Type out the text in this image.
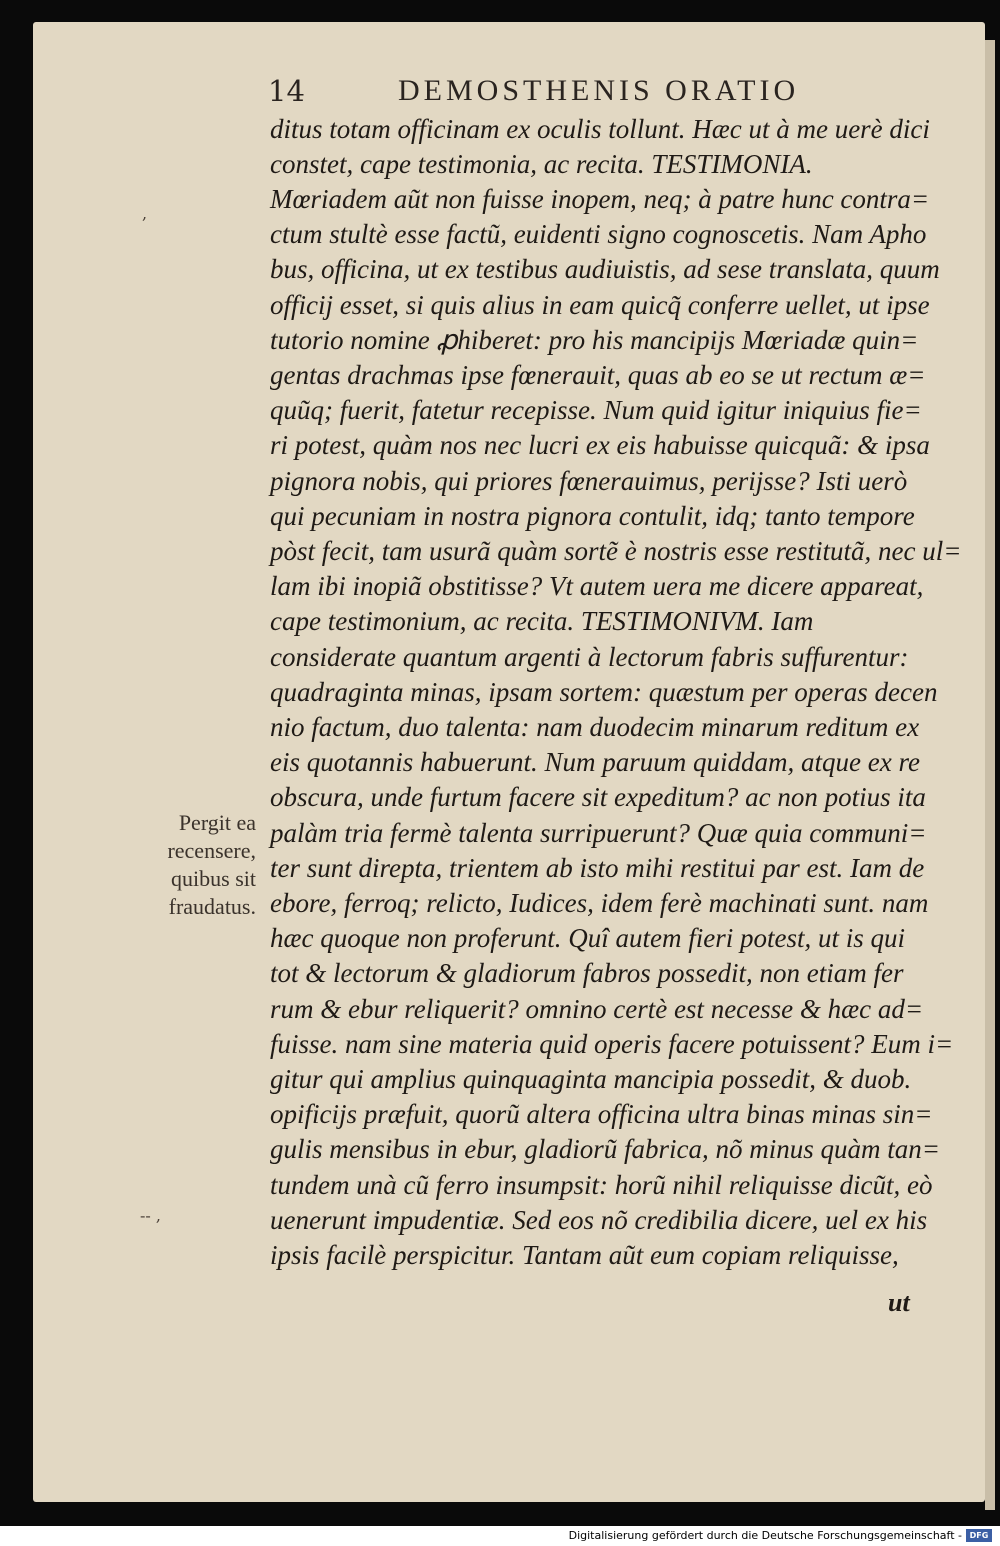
14	DEMOSTHENIS ORATIO
ditus totam officinam ex oculis tollunt. Hæc ut à me uerè dici
constet, cape testimonia, ac recita. TESTIMONIA.
Mœriadem aũt non fuisse inopem, neq; à patre hunc contra=
ctum stultè esse factũ, euidenti signo cognoscetis. Nam Apho
bus, officina, ut ex testibus audiuistis, ad sese translata, quum
officij esset, si quis alius in eam quicq̃ conferre uellet, ut ipse
tutorio nomine ꝓhiberet: pro his mancipijs Mœriadæ quin=
gentas drachmas ipse fœnerauit, quas ab eo se ut rectum æ=
quũq; fuerit, fatetur recepisse. Num quid igitur iniquius fie=
ri potest, quàm nos nec lucri ex eis habuisse quicquã: & ipsa
pignora nobis, qui priores fœnerauimus, perijsse? Isti uerò
qui pecuniam in nostra pignora contulit, idq; tanto tempore
pòst fecit, tam usurã quàm sortẽ è nostris esse restitutã, nec ul=
lam ibi inopiã obstitisse? Vt autem uera me dicere appareat,
cape testimonium, ac recita. TESTIMONIVM. Iam
considerate quantum argenti à lectorum fabris suffurentur:
quadraginta minas, ipsam sortem: quæstum per operas decen
nio factum, duo talenta: nam duodecim minarum reditum ex
eis quotannis habuerunt. Num paruum quiddam, atque ex re
obscura, unde furtum facere sit expeditum? ac non potius ita
palàm tria fermè talenta surripuerunt? Quæ quia communi=
ter sunt direpta, trientem ab isto mihi restitui par est. Iam de
ebore, ferroq; relicto, Iudices, idem ferè machinati sunt. nam
hæc quoque non proferunt. Quî autem fieri potest, ut is qui
tot & lectorum & gladiorum fabros possedit, non etiam fer
rum & ebur reliquerit? omnino certè est necesse & hæc ad=
fuisse. nam sine materia quid operis facere potuissent? Eum i=
gitur qui amplius quinquaginta mancipia possedit, & duob.
opificijs præfuit, quorũ altera officina ultra binas minas sin=
gulis mensibus in ebur, gladiorũ fabrica, nõ minus quàm tan=
tundem unà cũ ferro insumpsit: horũ nihil reliquisse dicũt, eò
uenerunt impudentiæ. Sed eos nõ credibilia dicere, uel ex his
ipsis facilè perspicitur. Tantam aũt eum copiam reliquisse,
ut
Pergit ea
recensere,
quibus sit
fraudatus.
,
-- ,
Digitalisierung gefördert durch die Deutsche Forschungsgemeinschaft - DFG
